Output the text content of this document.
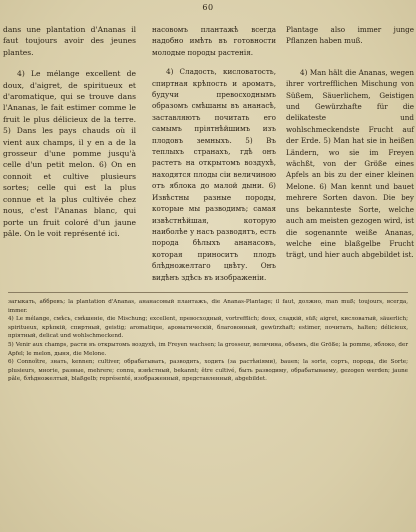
60

dans une plantation d'Ananas il faut toujours avoir des jeunes plantes.

4) Le mélange excellent de doux, d'aigret, de spiritueux et d'aromatique, qui se trouve dans l'Ananas, le fait estimer comme le fruit le plus délicieux de la terre. 5) Dans les pays chauds où il vient aux champs, il y en a de la grosseur d'une pomme jusqu'à celle d'un petit melon. 6) On en connoit et cultive plusieurs sortes; celle qui est la plus connue et la plus cultivée chez nous, c'est l'Ananas blanc, qui porte un fruit coloré d'un jaune pâle. On le voit représenté ici.

насовомъ плантажѣ всегда надобно имѣть въ готовности молодые породы растенія.

4) Сладость, кисловатость, спиртная крѣпость и ароматъ, будучи превосходнымъ образомъ смѣшаны въ ананасѣ, заставляютъ почитать его самымъ пріятнѣйшимъ изъ плодовъ земныхъ. 5) Въ теплыхъ странахъ, гдѣ онъ растетъ на открытомъ воздухѣ, находятся плоды сіи величиною отъ яблока до малой дыни. 6) Извѣстны разные породы, которые мы разводимъ; самая извѣстнѣйшая, которую наиболѣе у насъ разводятъ, есть порода бѣлыхъ ананасовъ, которая приноситъ плодъ блѣдножелтаго цвѣту. Онъ видѣнъ здѣсь въ изображеніи.

Plantage also immer junge Pflanzen haben muß.

4) Man hält die Ananas, wegen ihrer vortrefflichen Mischung von Süßem, Säuerlichem, Geistigen und Gewürzhafte für die delikateste und wohlschmeckendste Frucht auf der Erde. 5) Man hat sie in heißen Ländern, wo sie im Freyen wächßt, von der Größe eines Apfels an bis zu der einer kleinen Melone. 6) Man kennt und bauet mehrere Sorten davon. Die bey uns bekannteste Sorte, welche auch am meisten gezogen wird, ist die sogenannte weiße Ananas, welche eine blaßgelbe Frucht trägt, und hier auch abgebildet ist.

загыкать, аббревъ; la plantation d'Ananas, ананасовый плантажъ, die Ananas-Plantage; il faut, должно, man muß; toujours, всегда, immer.

4) Le mélange, смѣсь, смѣшеніе, die Mischung; excellent, превосходный, vortrefflich; doux, сладкій, süß; aigret, кисловатый, säuerlich; spiritueux, крѣпкій, спиртный, geistig; aromatique, ароматическій, благовонный, gewürzhaft; estimer, почитать, halten; délicieux, пріятный, delicat und wohlschmeckend.

5) Venir aux champs, расти въ открытомъ воздухѣ, im Freyen wachsen; la grosseur, величина, объемъ, die Größe; la pomme, яблоко, der Apfel; le melon, дыня, die Melone.

6) Connoître, знать, kennen; cultiver, обрабатывать, разводить, ходить (за растѣніями), bauen; la sorte, сортъ, порода, die Sorte; plusieurs, многіе, разные, mehrere; connu, извѣстный, bekannt; être cultivé, быть разводиму, обрабатываему, gezogen werden; jaune pâle, блѣдножелтый, blaßgelb; représenté, изображенный, представленный, abgebildet.
